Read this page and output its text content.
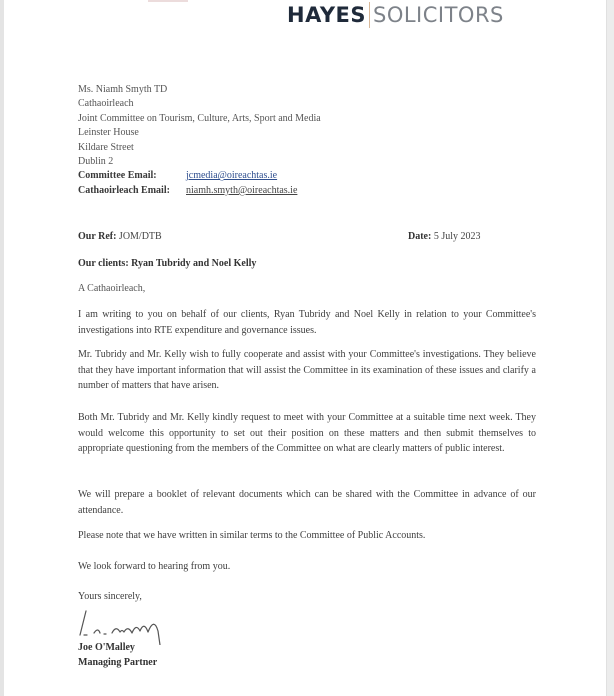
HAYES SOLICITORS
Ms. Niamh Smyth TD
Cathaoirleach
Joint Committee on Tourism, Culture, Arts, Sport and Media
Leinster House
Kildare Street
Dublin 2
Committee Email:	jcmedia@oireachtas.ie
Cathaoirleach Email:	niamh.smyth@oireachtas.ie
Our Ref: JOM/DTB	Date: 5 July 2023
Our clients: Ryan Tubridy and Noel Kelly
A Cathaoirleach,
I am writing to you on behalf of our clients, Ryan Tubridy and Noel Kelly in relation to your Committee's investigations into RTE expenditure and governance issues.
Mr. Tubridy and Mr. Kelly wish to fully cooperate and assist with your Committee's investigations. They believe that they have important information that will assist the Committee in its examination of these issues and clarify a number of matters that have arisen.
Both Mr. Tubridy and Mr. Kelly kindly request to meet with your Committee at a suitable time next week. They would welcome this opportunity to set out their position on these matters and then submit themselves to appropriate questioning from the members of the Committee on what are clearly matters of public interest.
We will prepare a booklet of relevant documents which can be shared with the Committee in advance of our attendance.
Please note that we have written in similar terms to the Committee of Public Accounts.
We look forward to hearing from you.
Yours sincerely,
Joe O'Malley
Managing Partner
